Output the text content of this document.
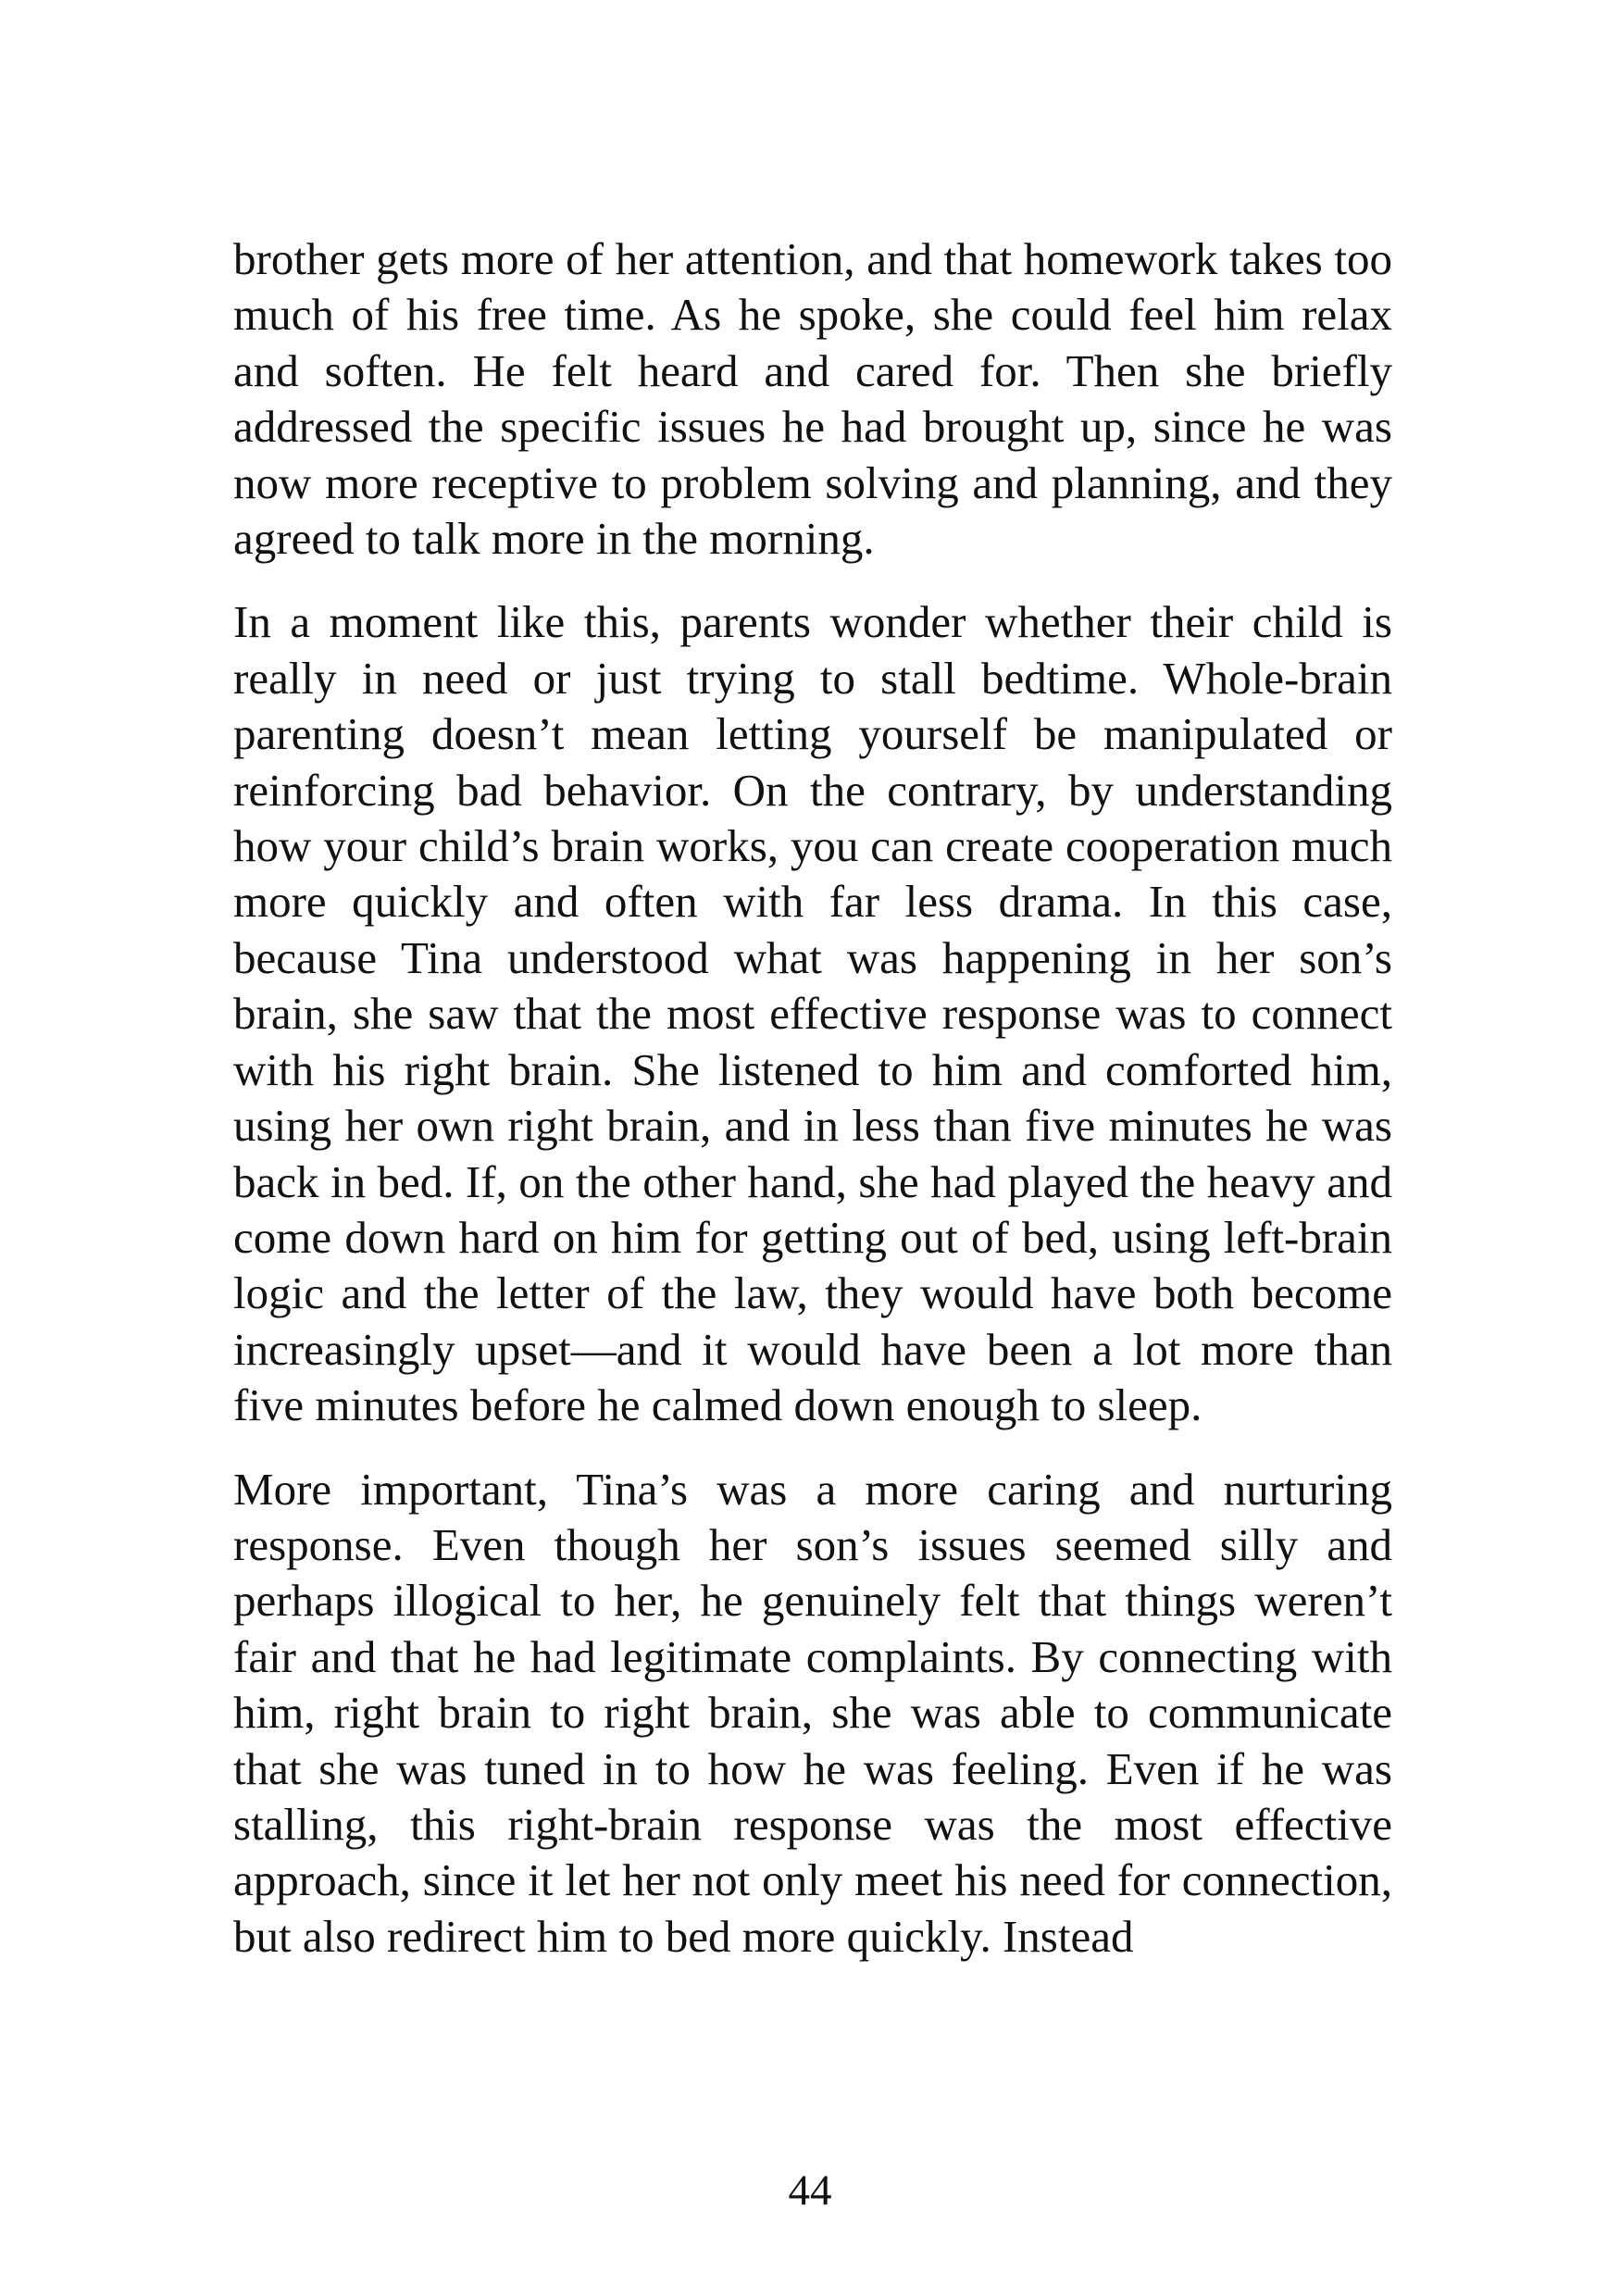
brother gets more of her attention, and that homework takes too much of his free time. As he spoke, she could feel him relax and soften. He felt heard and cared for. Then she briefly addressed the specific issues he had brought up, since he was now more receptive to problem solving and planning, and they agreed to talk more in the morning.

In a moment like this, parents wonder whether their child is really in need or just trying to stall bedtime. Whole-brain parenting doesn’t mean letting yourself be manipulated or reinforcing bad behavior. On the contrary, by understanding how your child’s brain works, you can create cooperation much more quickly and often with far less drama. In this case, because Tina understood what was happening in her son’s brain, she saw that the most effective response was to connect with his right brain. She listened to him and comforted him, using her own right brain, and in less than five minutes he was back in bed. If, on the other hand, she had played the heavy and come down hard on him for getting out of bed, using left-brain logic and the letter of the law, they would have both become increasingly upset—and it would have been a lot more than five minutes before he calmed down enough to sleep.

More important, Tina’s was a more caring and nurturing response. Even though her son’s issues seemed silly and perhaps illogical to her, he genuinely felt that things weren’t fair and that he had legitimate complaints. By connecting with him, right brain to right brain, she was able to communicate that she was tuned in to how he was feeling. Even if he was stalling, this right-brain response was the most effective approach, since it let her not only meet his need for connection, but also redirect him to bed more quickly. Instead

44
